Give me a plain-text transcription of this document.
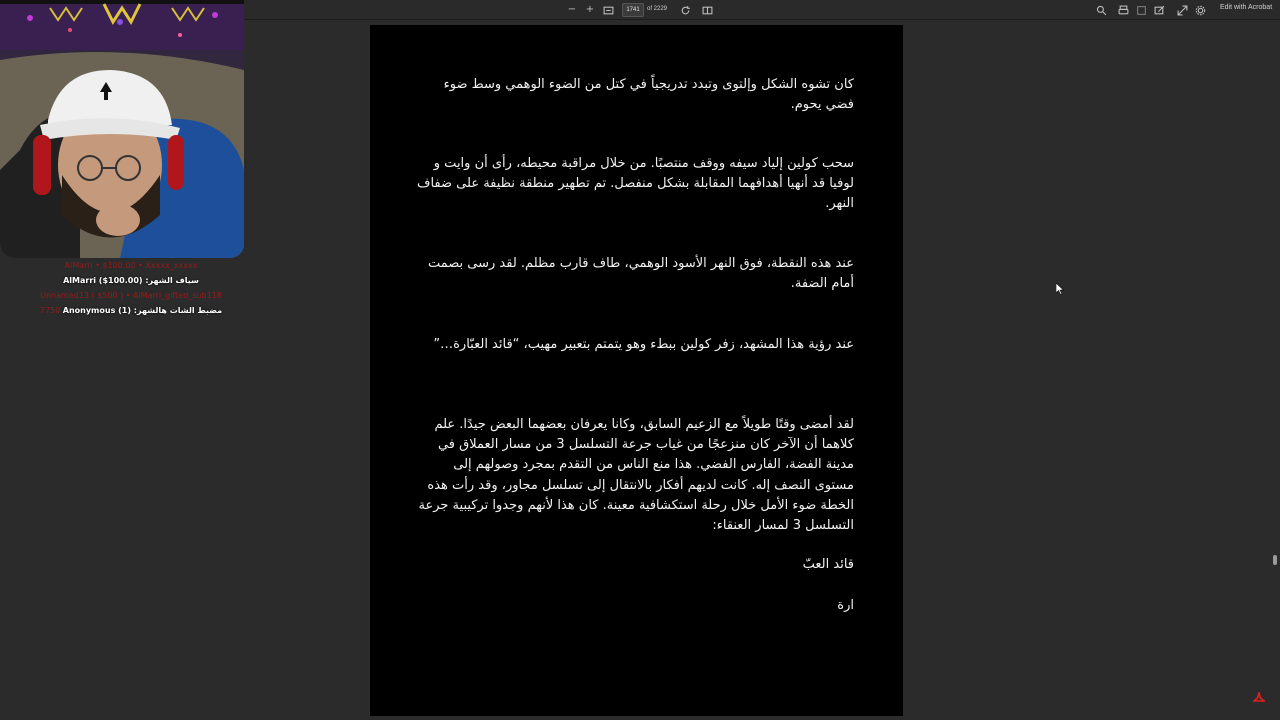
− +	1741	of 2229	Edit with Acrobat

كان تشوه الشكل وإلتوى وتبدد تدريجياً في كتل من الضوء الوهمي وسط ضوء فضي يحوم.

سحب كولين إلياد سيفه ووقف منتصبًا. من خلال مراقبة محيطه، رأى أن وايت و لوفيا قد أنهيا أهدافهما المقابلة بشكل منفصل. تم تطهير منطقة نظيفة على ضفاف النهر.

عند هذه النقطة، فوق النهر الأسود الوهمي، طاف قارب مظلم. لقد رسى بصمت أمام الضفة.

عند رؤية هذا المشهد، زفر كولين ببطء وهو يتمتم بتعبير مهيب، “قائد العبّارة…”

لقد أمضى وقتًا طويلاً مع الزعيم السابق، وكانا يعرفان بعضهما البعض جيدًا. علم كلاهما أن الآخر كان منزعجًا من غياب جرعة التسلسل 3 من مسار العملاق في مدينة الفضة، الفارس الفضي. هذا منع الناس من التقدم بمجرد وصولهم إلى مستوى النصف إله. كانت لديهم أفكار بالانتقال إلى تسلسل مجاور، وقد رأت هذه الخطة ضوء الأمل خلال رحلة استكشافية معينة. كان هذا لأنهم وجدوا تركيبية جرعة التسلسل 3 لمسار العنقاء:

قائد العبّ

ارة

AlMarri • $100.00 • Xxxxx_xxxxx
AlMarri ($100.00) :سياف الشهر
Unnamed13 ( $500 ) • AlMarri_gifted_sub118
7750 Anonymous (1) :مضبط الشات هالشهر
